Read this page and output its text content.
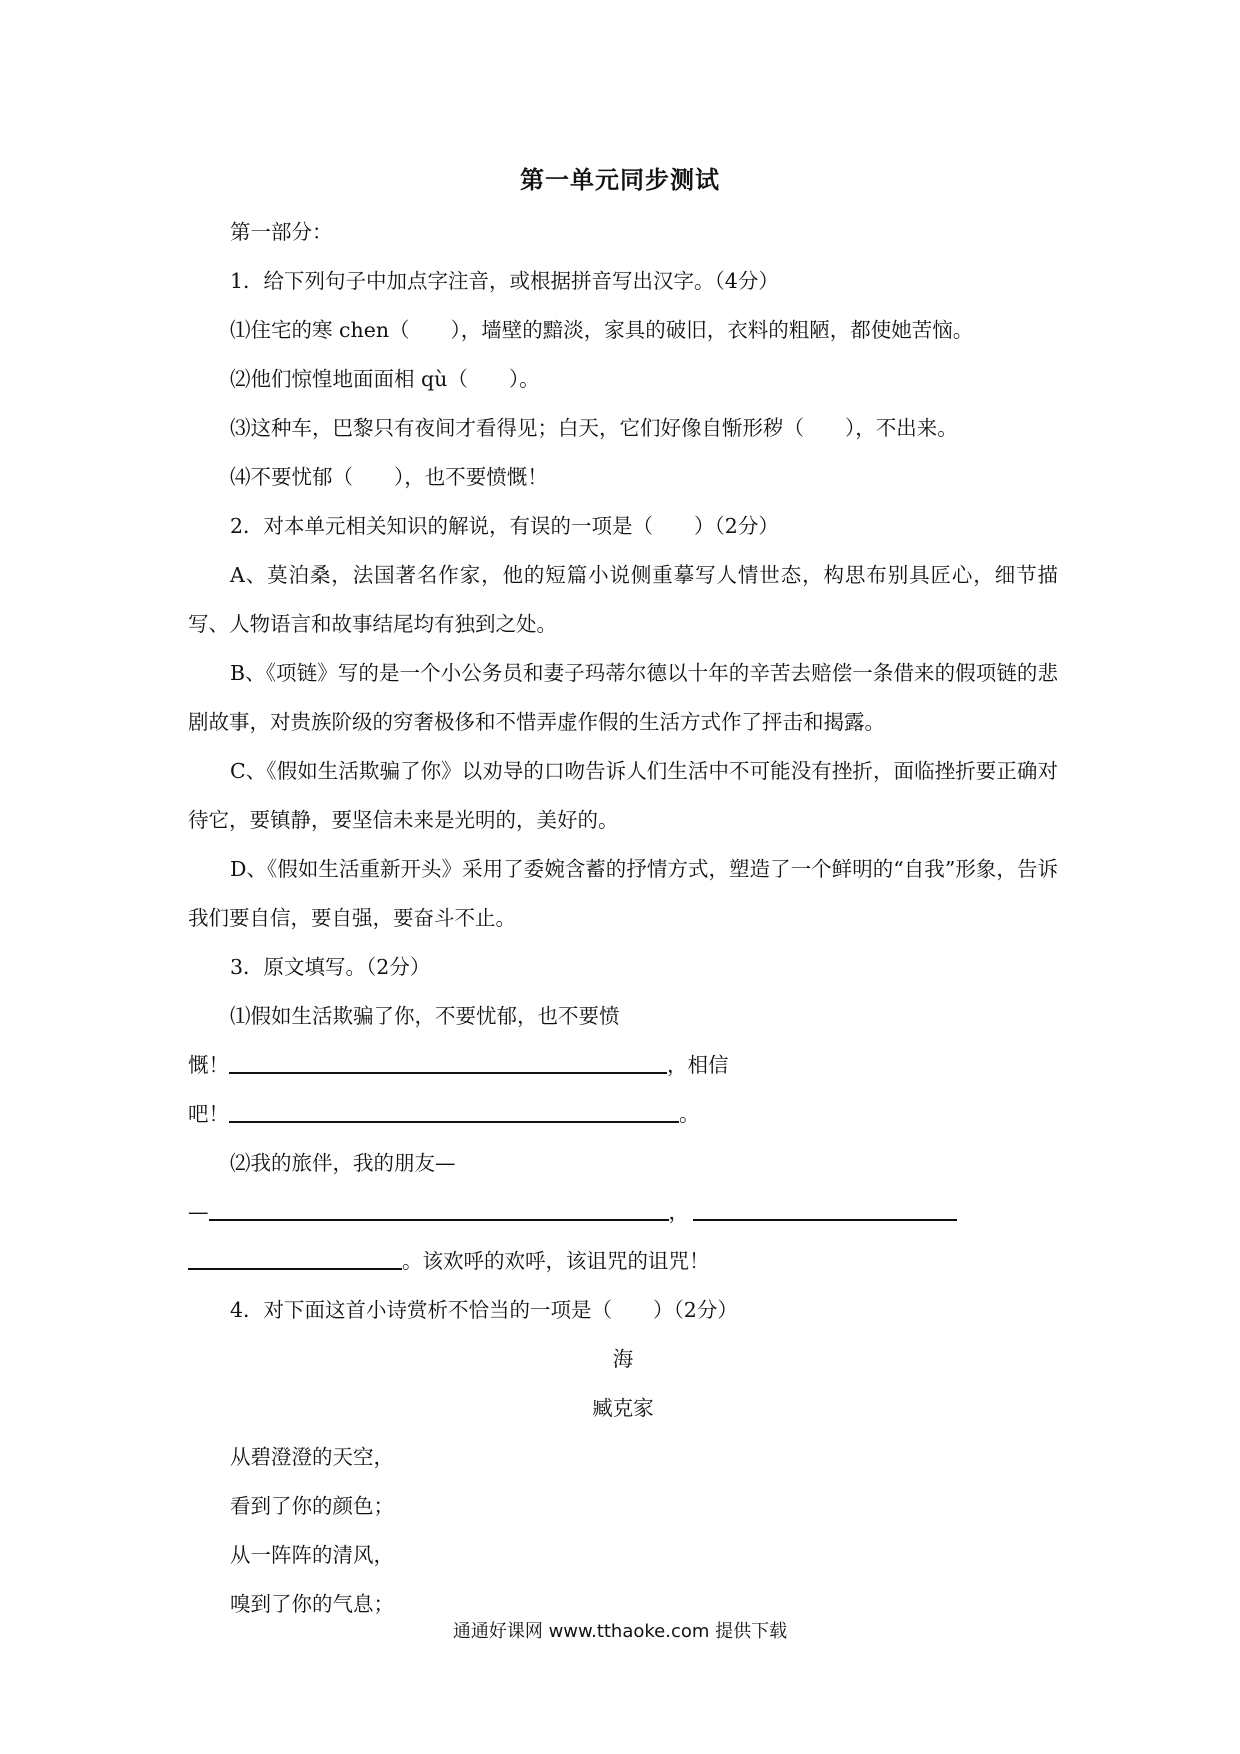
第一单元同步测试

第一部分：

1．给下列句子中加点字注音，或根据拼音写出汉字。（4分）

⑴住宅的寒 chen（　　），墙壁的黯淡，家具的破旧，衣料的粗陋，都使她苦恼。

⑵他们惊惶地面面相 qù（　　）。

⑶这种车，巴黎只有夜间才看得见；白天，它们好像自惭形秽（　　），不出来。

⑷不要忧郁（　　），也不要愤慨！

2．对本单元相关知识的解说，有误的一项是（　　）（2分）

A、莫泊桑，法国著名作家，他的短篇小说侧重摹写人情世态，构思布别具匠心，细节描写、人物语言和故事结尾均有独到之处。

B、《项链》写的是一个小公务员和妻子玛蒂尔德以十年的辛苦去赔偿一条借来的假项链的悲剧故事，对贵族阶级的穷奢极侈和不惜弄虚作假的生活方式作了抨击和揭露。

C、《假如生活欺骗了你》以劝导的口吻告诉人们生活中不可能没有挫折，面临挫折要正确对待它，要镇静，要坚信未来是光明的，美好的。

D、《假如生活重新开头》采用了委婉含蓄的抒情方式，塑造了一个鲜明的“自我”形象，告诉我们要自信，要自强，要奋斗不止。

3．原文填写。（2分）

⑴假如生活欺骗了你，不要忧郁，也不要愤

慨！	，相信

吧！	。

⑵我的旅伴，我的朋友—

—	，

。该欢呼的欢呼，该诅咒的诅咒！

4．对下面这首小诗赏析不恰当的一项是（　　）（2分）

海

臧克家

从碧澄澄的天空，

看到了你的颜色；

从一阵阵的清风，

嗅到了你的气息；

通通好课网 www.tthaoke.com 提供下载
